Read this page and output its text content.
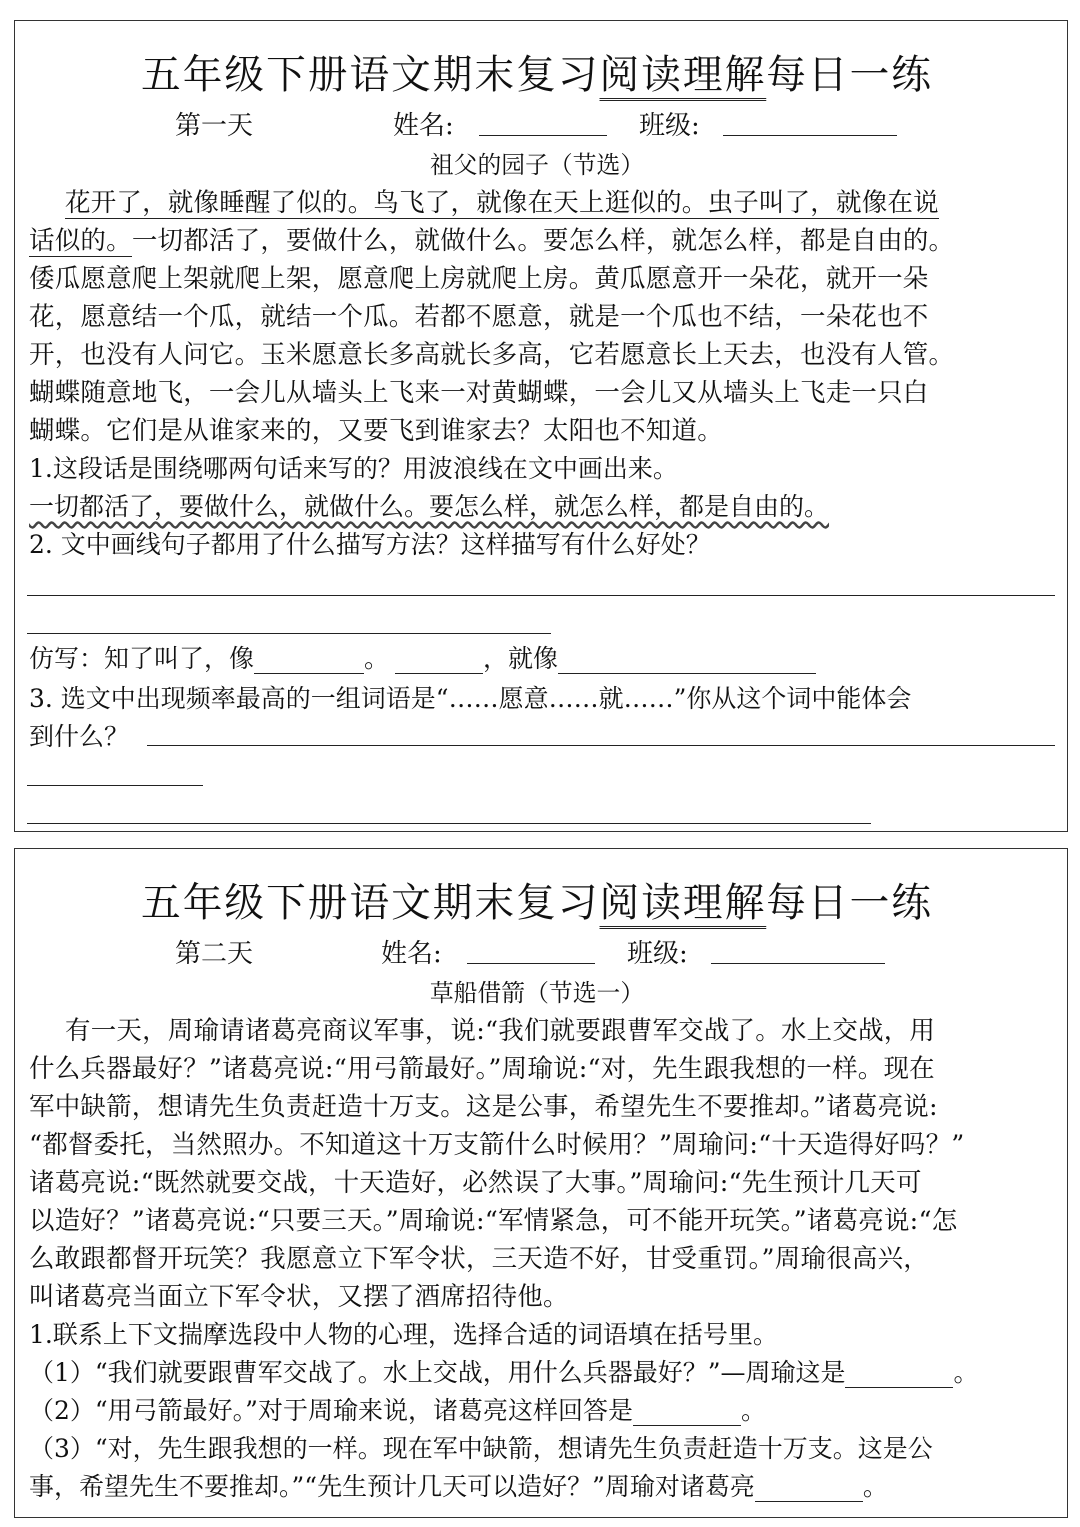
五年级下册语文期末复习阅读理解每日一练
第一天	姓名:	班级:
祖父的园子（节选）
花开了，就像睡醒了似的。鸟飞了，就像在天上逛似的。虫子叫了，就像在说
话似的。一切都活了，要做什么，就做什么。要怎么样，就怎么样，都是自由的。
倭瓜愿意爬上架就爬上架，愿意爬上房就爬上房。黄瓜愿意开一朵花，就开一朵
花，愿意结一个瓜，就结一个瓜。若都不愿意，就是一个瓜也不结，一朵花也不
开，也没有人问它。玉米愿意长多高就长多高，它若愿意长上天去，也没有人管。
蝴蝶随意地飞，一会儿从墙头上飞来一对黄蝴蝶，一会儿又从墙头上飞走一只白
蝴蝶。它们是从谁家来的，又要飞到谁家去？太阳也不知道。
1.这段话是围绕哪两句话来写的？用波浪线在文中画出来。
一切都活了，要做什么，就做什么。要怎么样，就怎么样，都是自由的。
2. 文中画线句子都用了什么描写方法？这样描写有什么好处？
仿写：知了叫了，像	。	，就像
3. 选文中出现频率最高的一组词语是“……愿意……就……”你从这个词中能体会
到什么？
五年级下册语文期末复习阅读理解每日一练
第二天	姓名:	班级:
草船借箭（节选一）
有一天，周瑜请诸葛亮商议军事，说:“我们就要跟曹军交战了。水上交战，用
什么兵器最好？”诸葛亮说:“用弓箭最好。”周瑜说:“对，先生跟我想的一样。现在
军中缺箭，想请先生负责赶造十万支。这是公事，希望先生不要推却。”诸葛亮说:
“都督委托，当然照办。不知道这十万支箭什么时候用？”周瑜问:“十天造得好吗？”
诸葛亮说:“既然就要交战，十天造好，必然误了大事。”周瑜问:“先生预计几天可
以造好？”诸葛亮说:“只要三天。”周瑜说:“军情紧急，可不能开玩笑。”诸葛亮说:“怎
么敢跟都督开玩笑？我愿意立下军令状，三天造不好，甘受重罚。”周瑜很高兴，
叫诸葛亮当面立下军令状，又摆了酒席招待他。
1.联系上下文揣摩选段中人物的心理，选择合适的词语填在括号里。
（1）“我们就要跟曹军交战了。水上交战，用什么兵器最好？”—周瑜这是	。
（2）“用弓箭最好。”对于周瑜来说，诸葛亮这样回答是	。
（3）“对，先生跟我想的一样。现在军中缺箭，想请先生负责赶造十万支。这是公
事，希望先生不要推却。”“先生预计几天可以造好？”周瑜对诸葛亮	。
